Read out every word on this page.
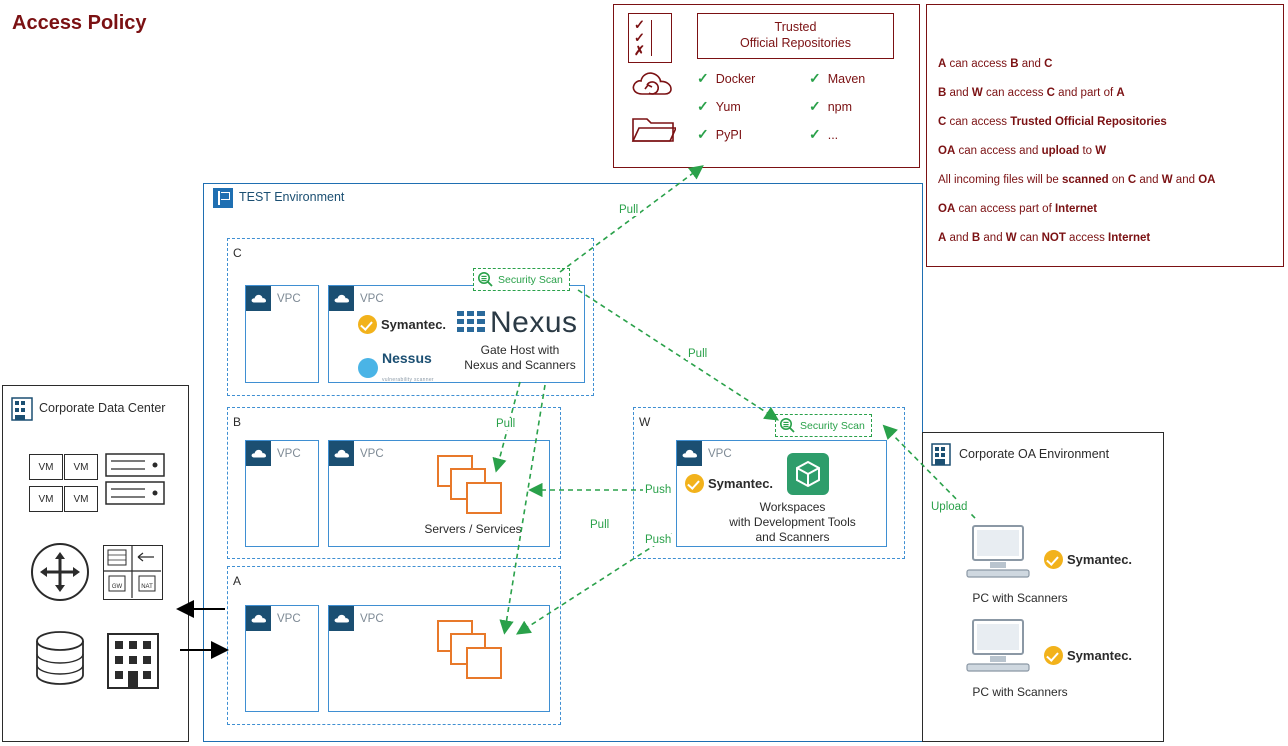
✓
✓
✗
Trusted
Official Repositories
✓ Docker	✓ Maven
✓ Yum	✓ npm
✓ PyPI	✓ ...
Access Policy
A can access B and C
B and W can access C and part of A
C can access Trusted Official Repositories
OA can access and upload to W
All incoming files will be scanned on C and W and OA
OA can access part of Internet
A and B and W can NOT access Internet
TEST Environment
C
VPC	VPC
Symantec.
Nessus
vulnerability scanner
Nexus
Gate Host with
Nexus and Scanners
B
VPC	VPC
Servers / Services
A
VPC	VPC
W
VPC
Symantec.
Workspaces
with Development Tools
and Scanners
Security Scan
Security Scan
Corporate Data Center
VM VM
VM VM
GW	NAT
Corporate OA Environment
Symantec.
PC with Scanners
Symantec.
PC with Scanners
Pull
Pull
Pull
Pull
Push
Push
Upload
